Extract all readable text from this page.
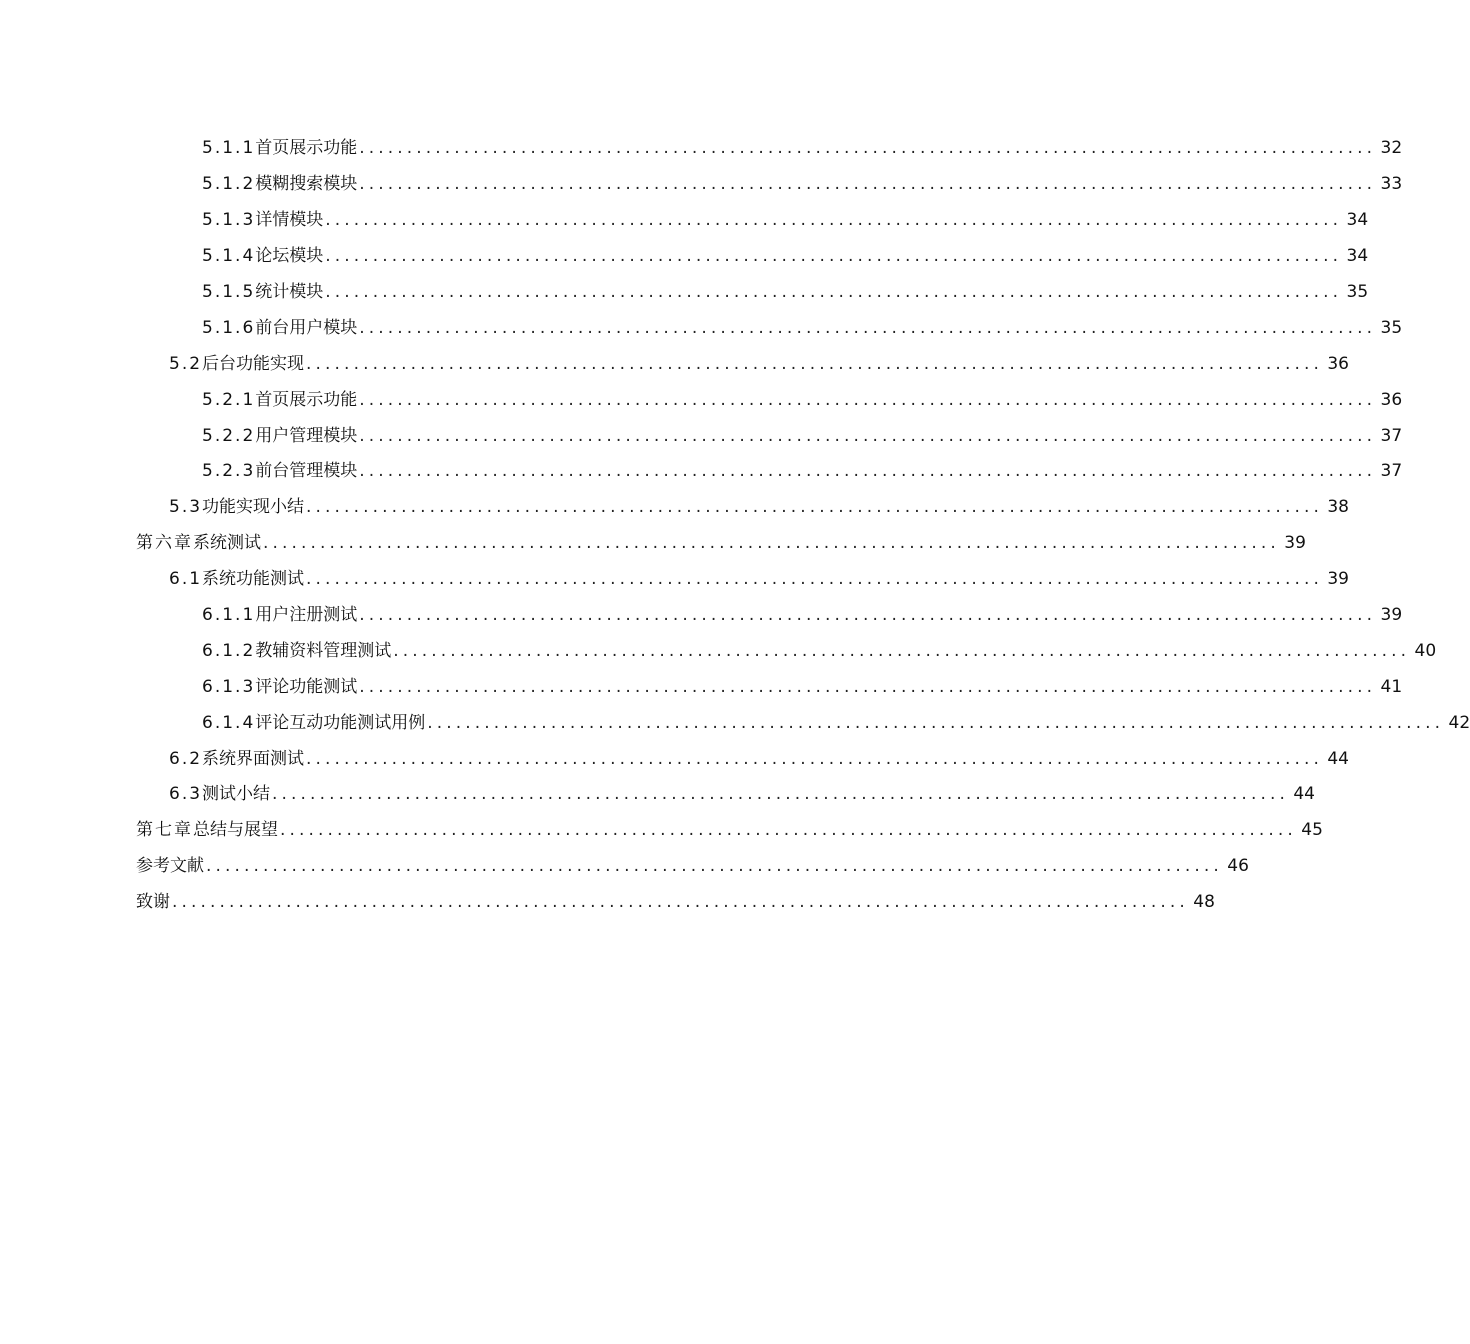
5.1.1 首页展示功能 ........................................................................................................... 32
5.1.2 模糊搜索模块 ........................................................................................................... 33
5.1.3 详情模块 ........................................................................................................... 34
5.1.4 论坛模块 ........................................................................................................... 34
5.1.5 统计模块 ........................................................................................................... 35
5.1.6 前台用户模块 ........................................................................................................... 35
5.2 后台功能实现 ........................................................................................................... 36
5.2.1 首页展示功能 ........................................................................................................... 36
5.2.2 用户管理模块 ........................................................................................................... 37
5.2.3 前台管理模块 ........................................................................................................... 37
5.3 功能实现小结 ........................................................................................................... 38
第六章 系统测试 ........................................................................................................... 39
6.1 系统功能测试 ........................................................................................................... 39
6.1.1 用户注册测试 ........................................................................................................... 39
6.1.2 教辅资料管理测试 ........................................................................................................... 40
6.1.3 评论功能测试 ........................................................................................................... 41
6.1.4 评论互动功能测试用例 ........................................................................................................... 42
6.2 系统界面测试 ........................................................................................................... 44
6.3 测试小结 ........................................................................................................... 44
第七章 总结与展望 ........................................................................................................... 45
参考文献 ........................................................................................................... 46
致谢 ........................................................................................................... 48
